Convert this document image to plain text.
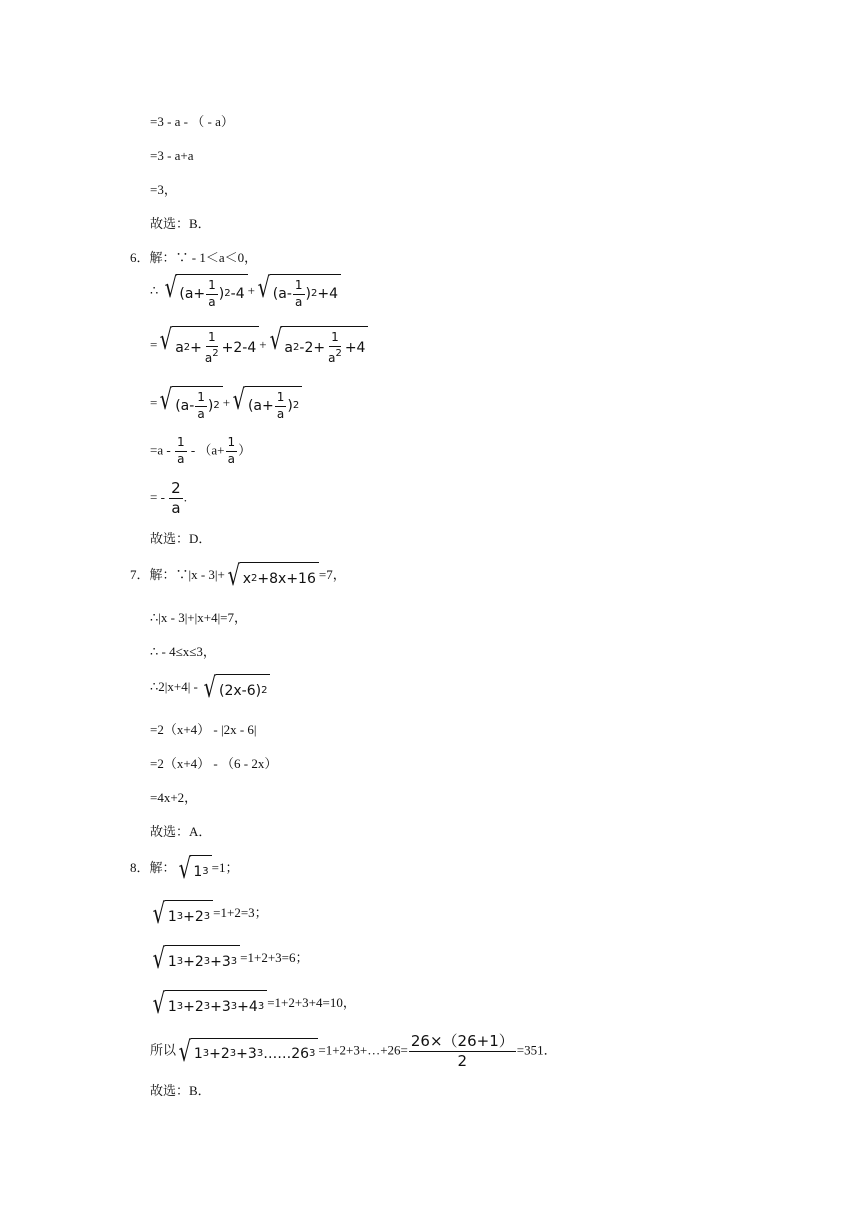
=3 - a - （ - a）
=3 - a+a
=3，
故选：B．
6．解：∵ - 1＜a＜0，
∴ √ (a+
1
a ) 2 -4 + √ (a-
1
a ) 2 +4
= √ a 2 +
1
$a^2 +2-4$ + √ a 2 -2+
1
$a^2 +4$
= √ (a-
1
a ) 2 + √ (a+
1
a ) 2
$=a - \frac{1}{a} - (a+ \frac{1}{a}$ ）
= - $\frac{2}{a}$ .
故选：D．
7．解：∵|x - 3|+ √ x 2 +8x+16 =7，
∴|x - 3|+|x+4|=7，
∴ - 4≤x≤3，
∴2|x+4| - √ (2x-6) 2
=2（x+4） - |2x - 6|
=2（x+4） - （6 - 2x）
=4x+2，
故选：A．
8．解： √ 1 3 =1；
√ 1 3 +2 3 =1+2=3；
√ 1 3 +2 3 +3 3 =1+2+3=6；
√ 1 3 +2 3 +3 3 +4 3 =1+2+3+4=10，
所以 √ 1 3 +2 3 +3 3 ……26 3 =1+2+3+…+26= $\frac{26\times(26+1)}{2} =351$．
故选：B．
